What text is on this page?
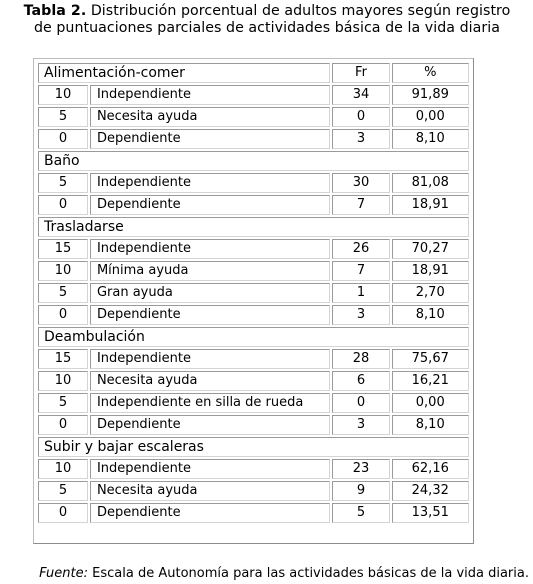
Tabla 2. Distribución porcentual de adultos mayores según registro
de puntuaciones parciales de actividades básica de la vida diaria
Alimentación-comer		Fr	%
10	Independiente	34	91,89
5	Necesita ayuda	0	0,00
0	Dependiente	3	8,10
Baño			
5	Independiente	30	81,08
0	Dependiente	7	18,91
Trasladarse			
15	Independiente	26	70,27
10	Mínima ayuda	7	18,91
5	Gran ayuda	1	2,70
0	Dependiente	3	8,10
Deambulación			
15	Independiente	28	75,67
10	Necesita ayuda	6	16,21
5	Independiente en silla de rueda	0	0,00
0	Dependiente	3	8,10
Subir y bajar escaleras			
10	Independiente	23	62,16
5	Necesita ayuda	9	24,32
0	Dependiente	5	13,51
Fuente: Escala de Autonomía para las actividades básicas de la vida diaria.
